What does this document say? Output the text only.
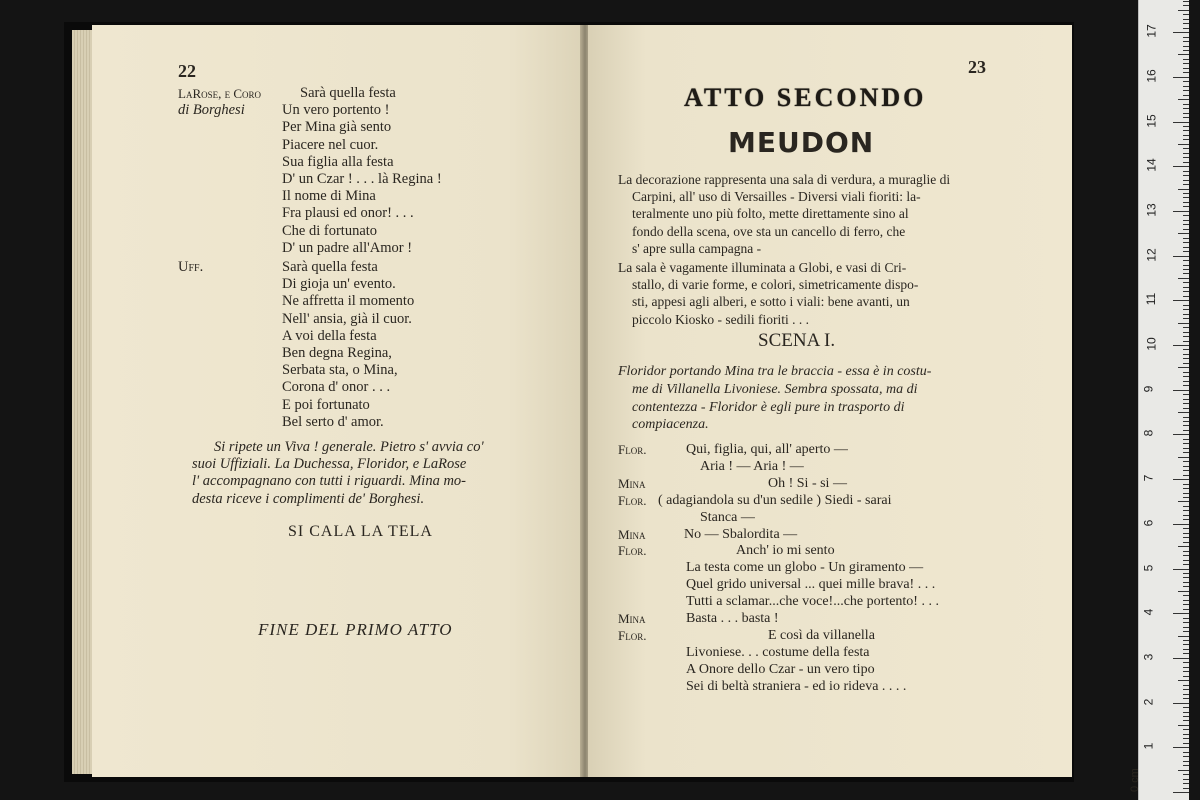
22
LaRose, e Coro	Sarà quella festa
di Borghesi	Un vero portento !
Per Mina già sento
Piacere nel cuor.
Sua figlia alla festa
D' un Czar ! . . . là Regina !
Il nome di Mina
Fra plausi ed onor! . . .
Che di fortunato
D' un padre all'Amor !
Uff.	Sarà quella festa
Di gioja un' evento.
Ne affretta il momento
Nell' ansia, già il cuor.
A voi della festa
Ben degna Regina,
Serbata sta, o Mina,
Corona d' onor . . .
E poi fortunato
Bel serto d' amor.
Si ripete un Viva ! generale. Pietro s' avvia co'
suoi Uffiziali. La Duchessa, Floridor, e LaRose
l' accompagnano con tutti i riguardi. Mina mo-
desta riceve i complimenti de' Borghesi.
SI CALA LA TELA
FINE DEL PRIMO ATTO
23
ATTO SECONDO
MEUDON
La decorazione rappresenta una sala di verdura, a muraglie di
Carpini, all' uso di Versailles - Diversi viali fioriti: la-
teralmente uno più folto, mette direttamente sino al
fondo della scena, ove sta un cancello di ferro, che
s' apre sulla campagna -
La sala è vagamente illuminata a Globi, e vasi di Cri-
stallo, di varie forme, e colori, simetricamente dispo-
sti, appesi agli alberi, e sotto i viali: bene avanti, un
piccolo Kiosko - sedili fioriti . . .
SCENA I.
Floridor portando Mina tra le braccia - essa è in costu-
me di Villanella Livoniese. Sembra spossata, ma di
contentezza - Floridor è egli pure in trasporto di
compiacenza.
Flor.	Qui, figlia, qui, all' aperto —
Aria ! — Aria ! —
Mina	Oh ! Si - si —
Flor. ( adagiandola su d'un sedile ) Siedi - sarai
Stanca —
Mina	No — Sbalordita —
Flor.	Anch' io mi sento
La testa come un globo - Un giramento —
Quel grido universal ... quei mille brava! . . .
Tutti a sclamar...che voce!...che portento! . . .
Mina	Basta . . . basta !
Flor.	E così da villanella
Livoniese. . . costume della festa
A Onore dello Czar - un vero tipo
Sei di beltà straniera - ed io rideva . . . .
1
2
3
4
5
6
7
8
9
10
11
12
13
14
15
16
17
0 cm
